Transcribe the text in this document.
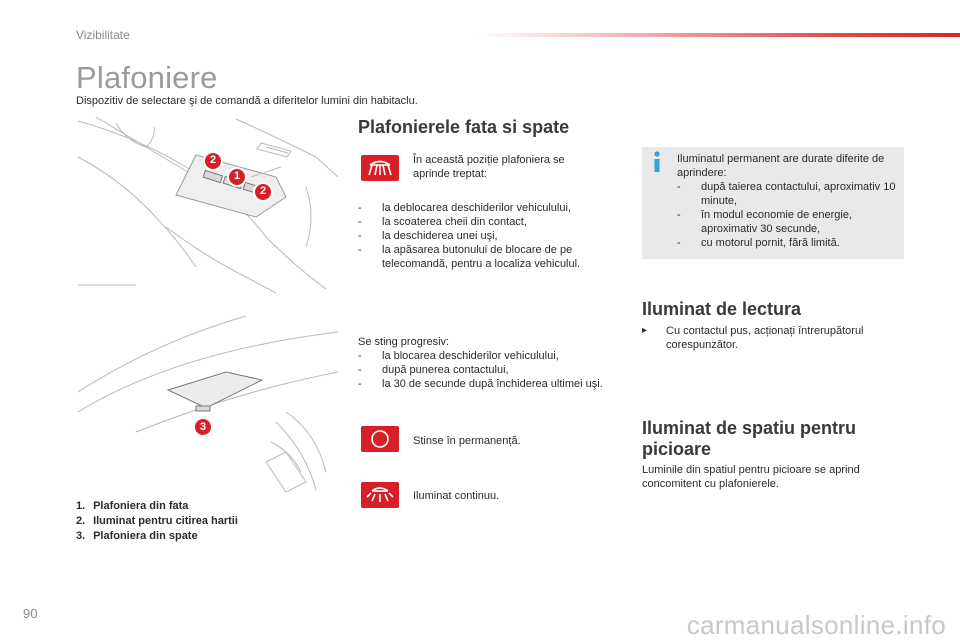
Vizibilitate
Plafoniere
Dispozitiv de selectare şi de comandă a diferitelor lumini din habitaclu.
2
1
2
3
1. Plafoniera din fata
2. Iluminat pentru citirea hartii
3. Plafoniera din spate
Plafonierele fata si spate
În această poziție plafoniera se aprinde treptat:
- la deblocarea deschiderilor vehiculului,
- la scoaterea cheii din contact,
- la deschiderea unei uşi,
- la apăsarea butonului de blocare de pe telecomandă, pentru a localiza vehiculul.
Se sting progresiv:
- la blocarea deschiderilor vehiculului,
- după punerea contactului,
- la 30 de secunde după închiderea ultimei uşi.
Stinse în permanență.
Iluminat continuu.
Iluminatul permanent are durate diferite de aprindere:
- după taierea contactului, aproximativ 10 minute,
- în modul economie de energie, aproximativ 30 secunde,
- cu motorul pornit, fără limită.
Iluminat de lectura
▸ Cu contactul pus, acționați întrerupătorul corespunzător.
Iluminat de spatiu pentru picioare
Luminile din spatiul pentru picioare se aprind concomitent cu plafonierele.
90	carmanualsonline.info
